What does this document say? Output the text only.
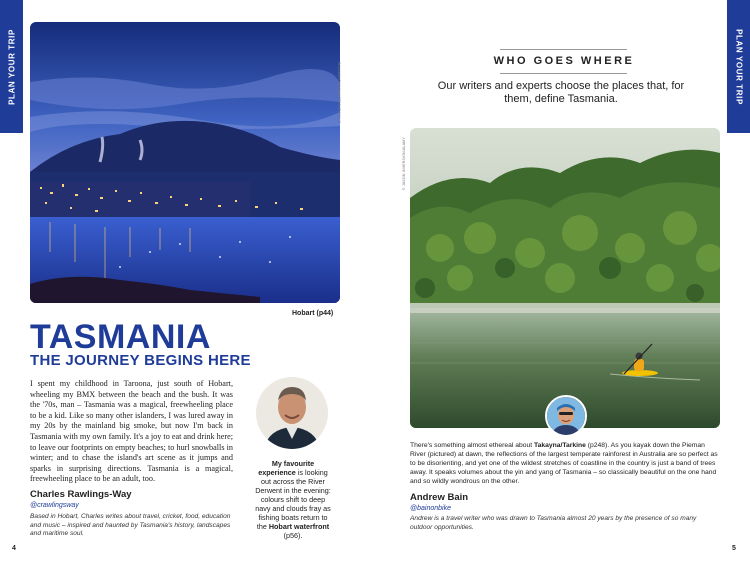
PLAN YOUR TRIP	PLAN YOUR TRIP
WILLIAM CHO/SHUTTERSTOCK ©
Hobart (p44)
TASMANIA
THE JOURNEY BEGINS HERE

I spent my childhood in Taroona, just south of Hobart, wheeling my BMX between the beach and the bush. It was the '70s, man – Tasmania was a magical, freewheeling place to be a kid. Like so many other islanders, I was lured away in my 20s by the mainland big smoke, but now I'm back in Tasmania with my own family. It's a joy to eat and drink here; to leave our footprints on empty beaches; to hurl snowballs in winter; and to chase the island's art scene as it jumps and sparks in surprising directions. Tasmania is a magical, freewheeling place to be an adult, too.

Charles Rawlings-Way
@crawlingsway
Based in Hobart, Charles writes about travel, cricket, food, education and music – inspired and haunted by Tasmania's history, landscapes and maritime soul.
My favourite experience is looking out across the River Derwent in the evening: colours shift to deep navy and clouds fray as fishing boats return to the Hobart waterfront (p56).
4
WHO GOES WHERE
Our writers and experts choose the places that, for them, define Tasmania.
© JASON INVERSION/ALAMY
There's something almost ethereal about Takayna/Tarkine (p248). As you kayak down the Pieman River (pictured) at dawn, the reflections of the largest temperate rainforest in Australia are so perfect as to be disorienting, and yet one of the wildest stretches of coastline in the country is just a band of trees away. It speaks volumes about the yin and yang of Tasmania – so classically beautiful on the one hand and so wildly wondrous on the other.
Andrew Bain
@bainonbike
Andrew is a travel writer who was drawn to Tasmania almost 20 years by the presence of so many outdoor opportunities.
5
